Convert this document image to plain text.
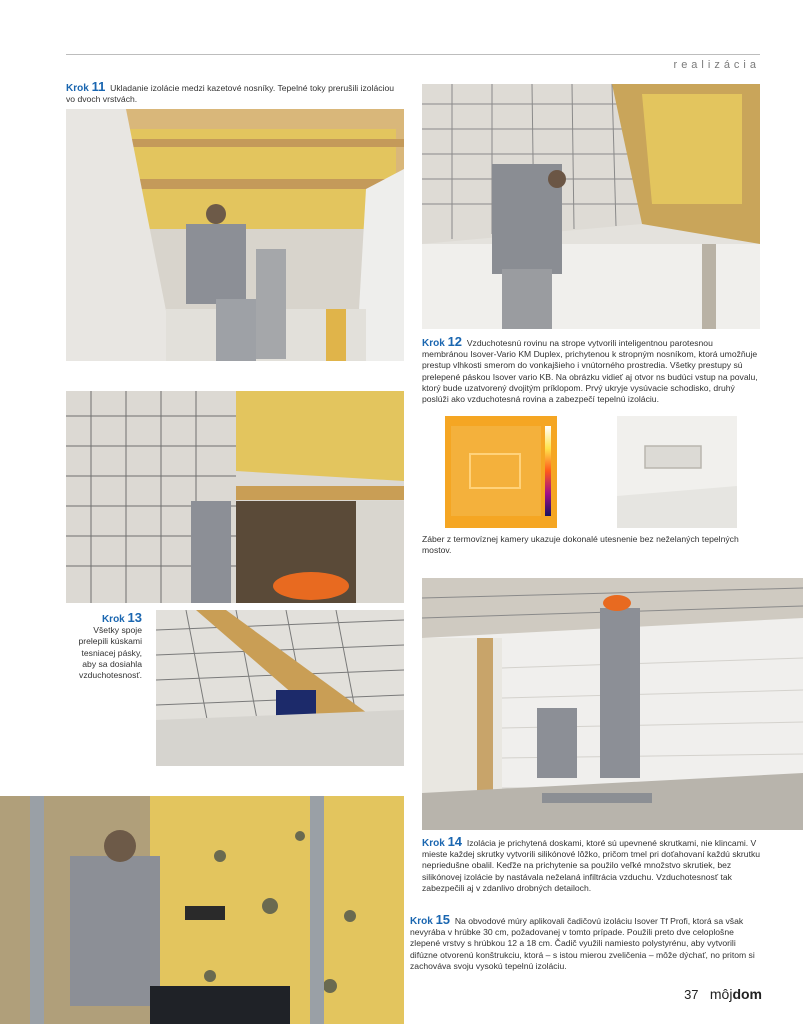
realizácia
Krok 11 Ukladanie izolácie medzi kazetové nosníky. Tepelné toky prerušili izoláciou vo dvoch vrstvách.
Krok 12 Vzduchotesnú rovinu na strope vytvorili inteligentnou parotesnou membránou Isover-Vario KM Duplex, prichytenou k stropným nosníkom, ktorá umožňuje prestup vlhkosti smerom do vonkajšieho i vnútorného prostredia. Všetky prestupy sú prelepené páskou Isover vario KB. Na obrázku vidieť aj otvor ns budúci vstup na povalu, ktorý bude uzatvorený dvojitým príklopom. Prvý ukryje vysúvacie schodisko, druhý poslúži ako vzduchotesná rovina a zabezpečí tepelnú izoláciu.
Záber z termovíznej kamery ukazuje dokonalé utesnenie bez neželaných tepelných mostov.
Krok 13
Všetky spoje prelepili kúskami tesniacej pásky, aby sa dosiahla vzduchotesnosť.
Krok 14 Izolácia je prichytená doskami, ktoré sú upevnené skrutkami, nie klincami. V mieste každej skrutky vytvorili silikónové lôžko, pričom tmel pri doťahovaní každú skrutku nepriedušne obalil. Keďže na prichytenie sa použilo veľké množstvo skrutiek, bez silikónovej izolácie by nastávala neželaná infiltrácia vzduchu. Vzduchotesnosť tak zabezpečili aj v zdanlivo drobných detailoch.
Krok 15 Na obvodové múry aplikovali čadičovú izoláciu Isover Tf Profi, ktorá sa však nevyrába v hrúbke 30 cm, požadovanej v tomto prípade. Použili preto dve celoplošne zlepené vrstvy s hrúbkou 12 a 18 cm. Čadič využili namiesto polystyrénu, aby vytvorili difúzne otvorenú konštrukciu, ktorá – s istou mierou zveličenia – môže dýchať, no pritom si zachováva svoju vysokú tepelnú izoláciu.
37 môjdom
